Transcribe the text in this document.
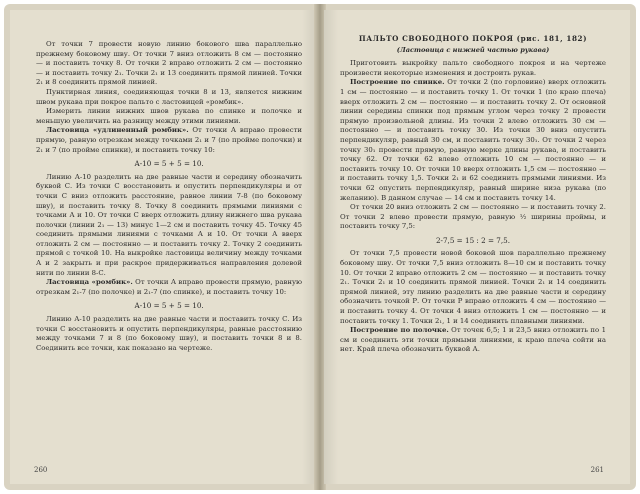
От точки 7 провести новую линию бокового шва параллельно прежнему боковому шву. От точки 7 вниз отложить 8 см — постоянно — и поставить точку 8. От точки 2 вправо отложить 2 см — постоянно — и поставить точку 2₁. Точки 2₁ и 13 соединить прямой линией. Точки 2₁ и 8 соединить прямой линией.

Пунктирная линия, соединяющая точки 8 и 13, является нижним швом рукава при покрое пальто с ластовицей «ромбик».

Измерить линии нижних швов рукава по спинке и полочке и меньшую увеличить на разницу между этими линиями.

Ластовица «удлиненный ромбик». От точки А вправо провести прямую, равную отрезкам между точками 2₁ и 7 (по пройме полочки) и 2₁ и 7 (по пройме спинки), и поставить точку 10:

А-10 = 5 + 5 = 10.

Линию А-10 разделить на две равные части и середину обозначить буквой С. Из точки С восстановить и опустить перпендикуляры и от точки С вниз отложить расстояние, равное линии 7-8 (по боковому шву), и поставить точку 8. Точку 8 соединить прямыми линиями с точками А и 10. От точки С вверх отложить длину нижнего шва рукава полочки (линии 2₁ — 13) минус 1—2 см и поставить точку 45. Точку 45 соединить прямыми линиями с точками А и 10. От точки А вверх отложить 2 см — постоянно — и поставить точку 2. Точку 2 соединить прямой с точкой 10. На выкройке ластовицы величину между точками А и 2 закрыть и при раскрое придерживаться направления долевой нити по линии 8-С.

Ластовица «ромбик». От точки А вправо провести прямую, равную отрезкам 2₁-7 (по полочке) и 2₁-7 (по спинке), и поставить точку 10:

А-10 = 5 + 5 = 10.

Линию А-10 разделить на две равные части и поставить точку С. Из точки С восстановить и опустить перпендикуляры, равные расстоянию между точками 7 и 8 (по боковому шву), и поставить точки 8 и 8. Соединить все точки, как показано на чертеже.

260

ПАЛЬТО СВОБОДНОГО ПОКРОЯ (рис. 181, 182)

(Ластовица с нижней частью рукава)

Приготовить выкройку пальто свободного покроя и на чертеже произвести некоторые изменения и достроить рукав.

Построение по спинке. От точки 2 (по горловине) вверх отложить 1 см — постоянно — и поставить точку 1. От точки 1 (по краю плеча) вверх отложить 2 см — постоянно — и поставить точку 2. От основной линии середины спинки под прямым углом через точку 2 провести прямую произвольной длины. Из точки 2 влево отложить 30 см — постоянно — и поставить точку 30. Из точки 30 вниз опустить перпендикуляр, равный 30 см, и поставить точку 30₁. От точки 2 через точку 30₁ провести прямую, равную мерке длины рукава, и поставить точку 62. От точки 62 влево отложить 10 см — постоянно — и поставить точку 10. От точки 10 вверх отложить 1,5 см — постоянно — и поставить точку 1,5. Точки 2₁ и 62 соединить прямыми линиями. Из точки 62 опустить перпендикуляр, равный ширине низа рукава (по желанию). В данном случае — 14 см и поставить точку 14.

От точки 20 вниз отложить 2 см — постоянно — и поставить точку 2. От точки 2 влево провести прямую, равную ½ ширины проймы, и поставить точку 7,5:

2-7,5 = 15 : 2 = 7,5.

От точки 7,5 провести новой боковой шов параллельно прежнему боковому шву. От точки 7,5 вниз отложить 8—10 см и поставить точку 10. От точки 2 вправо отложить 2 см — постоянно — и поставить точку 2₁. Точки 2₁ и 10 соединить прямой линией. Точки 2₁ и 14 соединить прямой линией, эту линию разделить на две равные части и середину обозначить точкой Р. От точки Р вправо отложить 4 см — постоянно — и поставить точку 4. От точки 4 вниз отложить 1 см — постоянно — и поставить точку 1. Точки 2₁, 1 и 14 соединить плавными линиями.

Построение по полочке. От точек 6,5; 1 и 23,5 вниз отложить по 1 см и соединить эти точки прямыми линиями, к краю плеча сойти на нет. Край плеча обозначить буквой А.

261
